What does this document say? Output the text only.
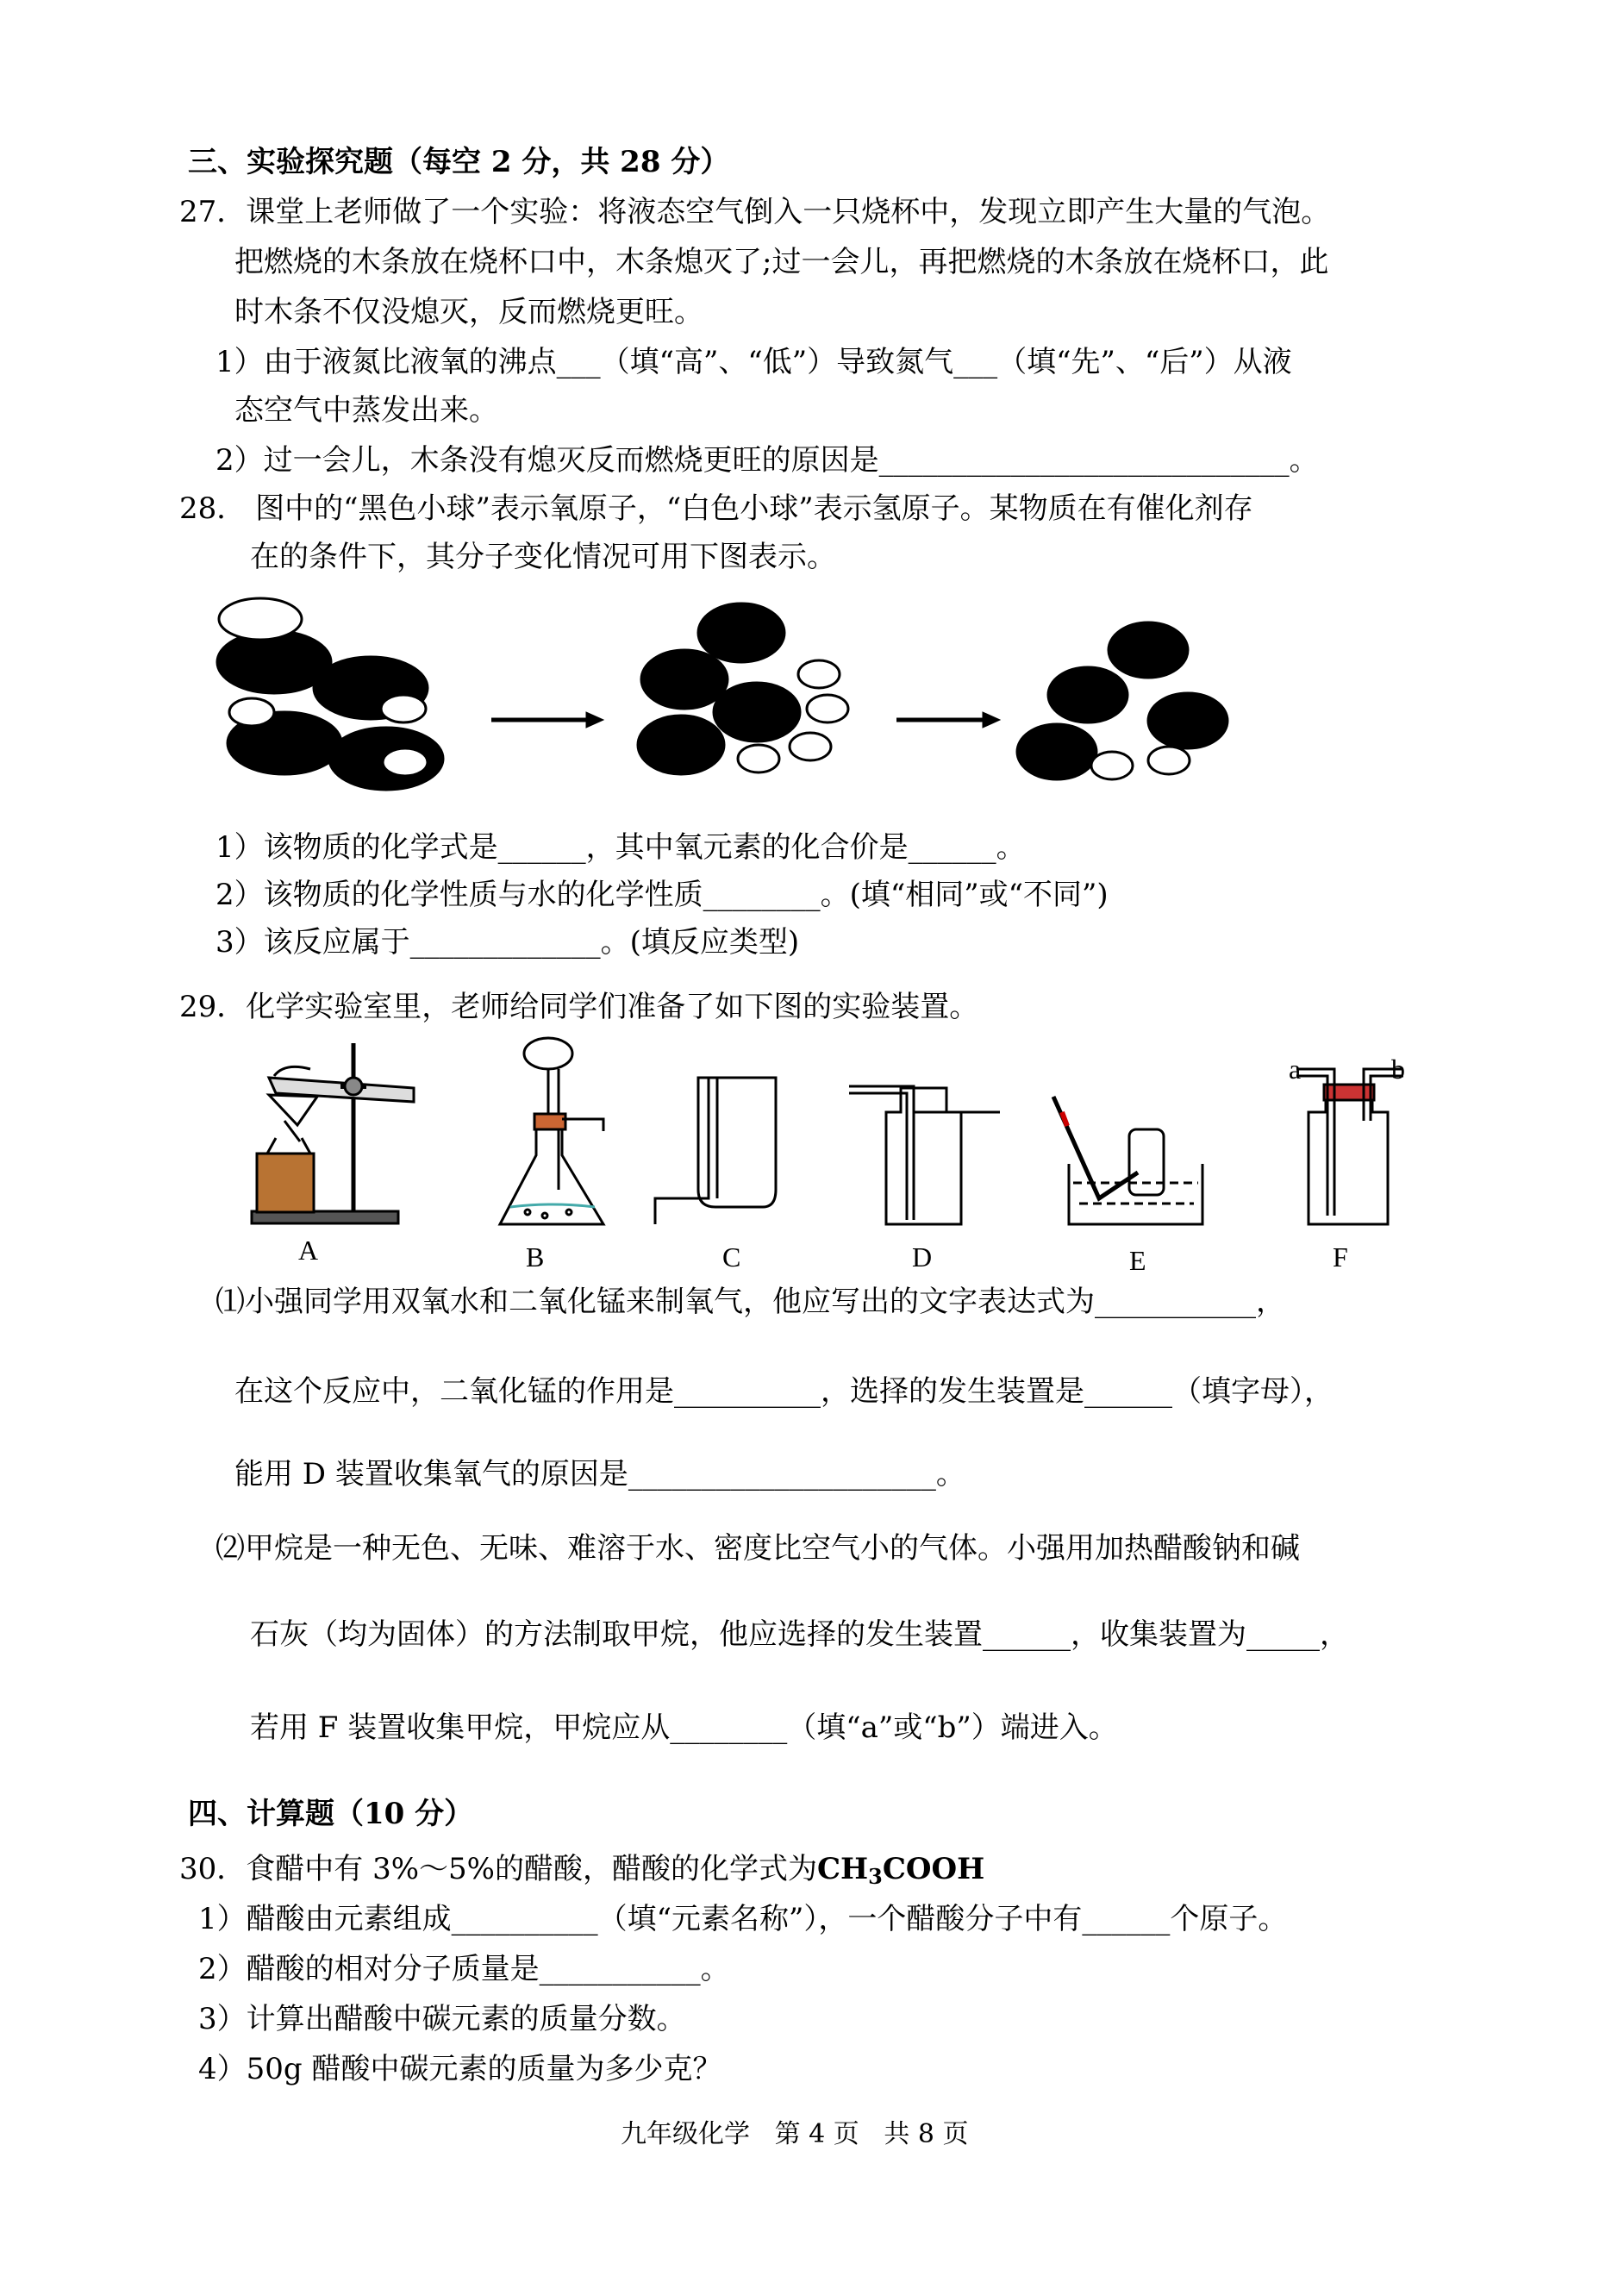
三、实验探究题（每空 2 分，共 28 分）
27．课堂上老师做了一个实验：将液态空气倒入一只烧杯中，发现立即产生大量的气泡。
把燃烧的木条放在烧杯口中，木条熄灭了;过一会儿，再把燃烧的木条放在烧杯口，此
时木条不仅没熄灭，反而燃烧更旺。
1）由于液氮比液氧的沸点___（填“高”、“低”）导致氮气___（填“先”、“后”）从液
态空气中蒸发出来。
2）过一会儿，木条没有熄灭反而燃烧更旺的原因是____________________________。
28． 图中的“黑色小球”表示氧原子，“白色小球”表示氢原子。某物质在有催化剂存
在的条件下，其分子变化情况可用下图表示。
1）该物质的化学式是______，其中氧元素的化合价是______。
2）该物质的化学性质与水的化学性质________。(填“相同”或“不同”)
3）该反应属于_____________。(填反应类型)
29．化学实验室里，老师给同学们准备了如下图的实验装置。
A	B	C	D	E	F
a	b
⑴小强同学用双氧水和二氧化锰来制氧气，他应写出的文字表达式为___________，
在这个反应中，二氧化锰的作用是__________，选择的发生装置是______（填字母），
能用 D 装置收集氧气的原因是_____________________。
⑵甲烷是一种无色、无味、难溶于水、密度比空气小的气体。小强用加热醋酸钠和碱
石灰（均为固体）的方法制取甲烷，他应选择的发生装置______，收集装置为_____，
若用 F 装置收集甲烷，甲烷应从________（填“a”或“b”）端进入。
四、计算题（10 分）
30．食醋中有 3%～5%的醋酸，醋酸的化学式为CH3COOH
1）醋酸由元素组成__________（填“元素名称”），一个醋酸分子中有______个原子。
2）醋酸的相对分子质量是___________。
3）计算出醋酸中碳元素的质量分数。
4）50g 醋酸中碳元素的质量为多少克？
九年级化学   第 4 页   共 8 页
